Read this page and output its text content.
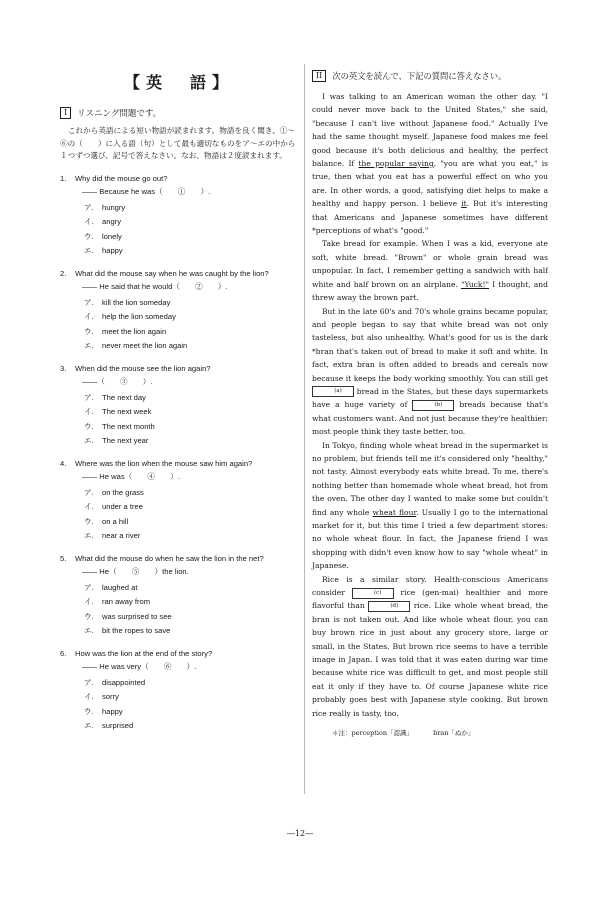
【英　語】
I	リスニング問題です。

これから英語による短い物語が読まれます。物語を良く聞き、①～⑥の（　　）に入る語（句）として最も適切なものをア～エの中から１つずつ選び、記号で答えなさい。なお、物語は２度読まれます。

1.	Why did the mouse go out?
―― Because he was（　　①　　）.
ア.	hungry
イ.	angry
ウ.	lonely
エ.	happy
2.	What did the mouse say when he was caught by the lion?
―― He said that he would（　　②　　）.
ア.	kill the lion someday
イ.	help the lion someday
ウ.	meet the lion again
エ.	never meet the lion again
3.	When did the mouse see the lion again?
――（　　③　　）.
ア.	The next day
イ.	The next week
ウ.	The next month
エ.	The next year
4.	Where was the lion when the mouse saw him again?
―― He was（　　④　　）.
ア.	on the grass
イ.	under a tree
ウ.	on a hill
エ.	near a river
5.	What did the mouse do when he saw the lion in the net?
―― He（　　⑤　　）the lion.
ア.	laughed at
イ.	ran away from
ウ.	was surprised to see
エ.	bit the ropes to save
6.	How was the lion at the end of the story?
―― He was very（　　⑥　　）.
ア.	disappointed
イ.	sorry
ウ.	happy
エ.	surprised
II	次の英文を読んで、下記の質問に答えなさい。

I was talking to an American woman the other day. "I could never move back to the United States," she said, "because I can't live without Japanese food." Actually I've had the same thought myself. Japanese food makes me feel good because it's both delicious and healthy, the perfect balance. If the popular saying, "you are what you eat," is true, then what you eat has a powerful effect on who you are. In other words, a good, satisfying diet helps to make a healthy and happy person. I believe it. But it's interesting that Americans and Japanese sometimes have different *perceptions of what's "good."

Take bread for example. When I was a kid, everyone ate soft, white bread. "Brown" or whole grain bread was unpopular. In fact, I remember getting a sandwich with half white and half brown on an airplane. "Yuck!" I thought, and threw away the brown part.

But in the late 60's and 70's whole grains became popular, and people began to say that white bread was not only tasteless, but also unhealthy. What's good for us is the dark *bran that's taken out of bread to make it soft and white. In fact, extra bran is often added to breads and cereals now because it keeps the body working smoothly. You can still get (a) bread in the States, but these days supermarkets have a huge variety of	(b) breads because that's what customers want. And not just because they're healthier; most people think they taste better, too.

In Tokyo, finding whole wheat bread in the supermarket is no problem, but friends tell me it's considered only "healthy," not tasty. Almost everybody eats white bread. To me, there's nothing better than homemade whole wheat bread, hot from the oven. The other day I wanted to make some but couldn't find any whole wheat flour. Usually I go to the international market for it, but this time I tried a few department stores: no whole wheat flour. In fact, the Japanese friend I was shopping with didn't even know how to say "whole wheat" in Japanese.

Rice is a similar story. Health-conscious Americans consider	(c) rice (gen-mai) healthier and more flavorful than	(d) rice. Like whole wheat bread, the bran is not taken out. And like whole wheat flour, you can buy brown rice in just about any grocery store, large or small, in the States. But brown rice seems to have a terrible image in Japan. I was told that it was eaten during war time because white rice was difficult to get, and most people still eat it only if they have to. Of course Japanese white rice probably goes best with Japanese style cooking. But brown rice really is tasty, too.

＊注：perception「認識」	bran「ぬか」
―12―
